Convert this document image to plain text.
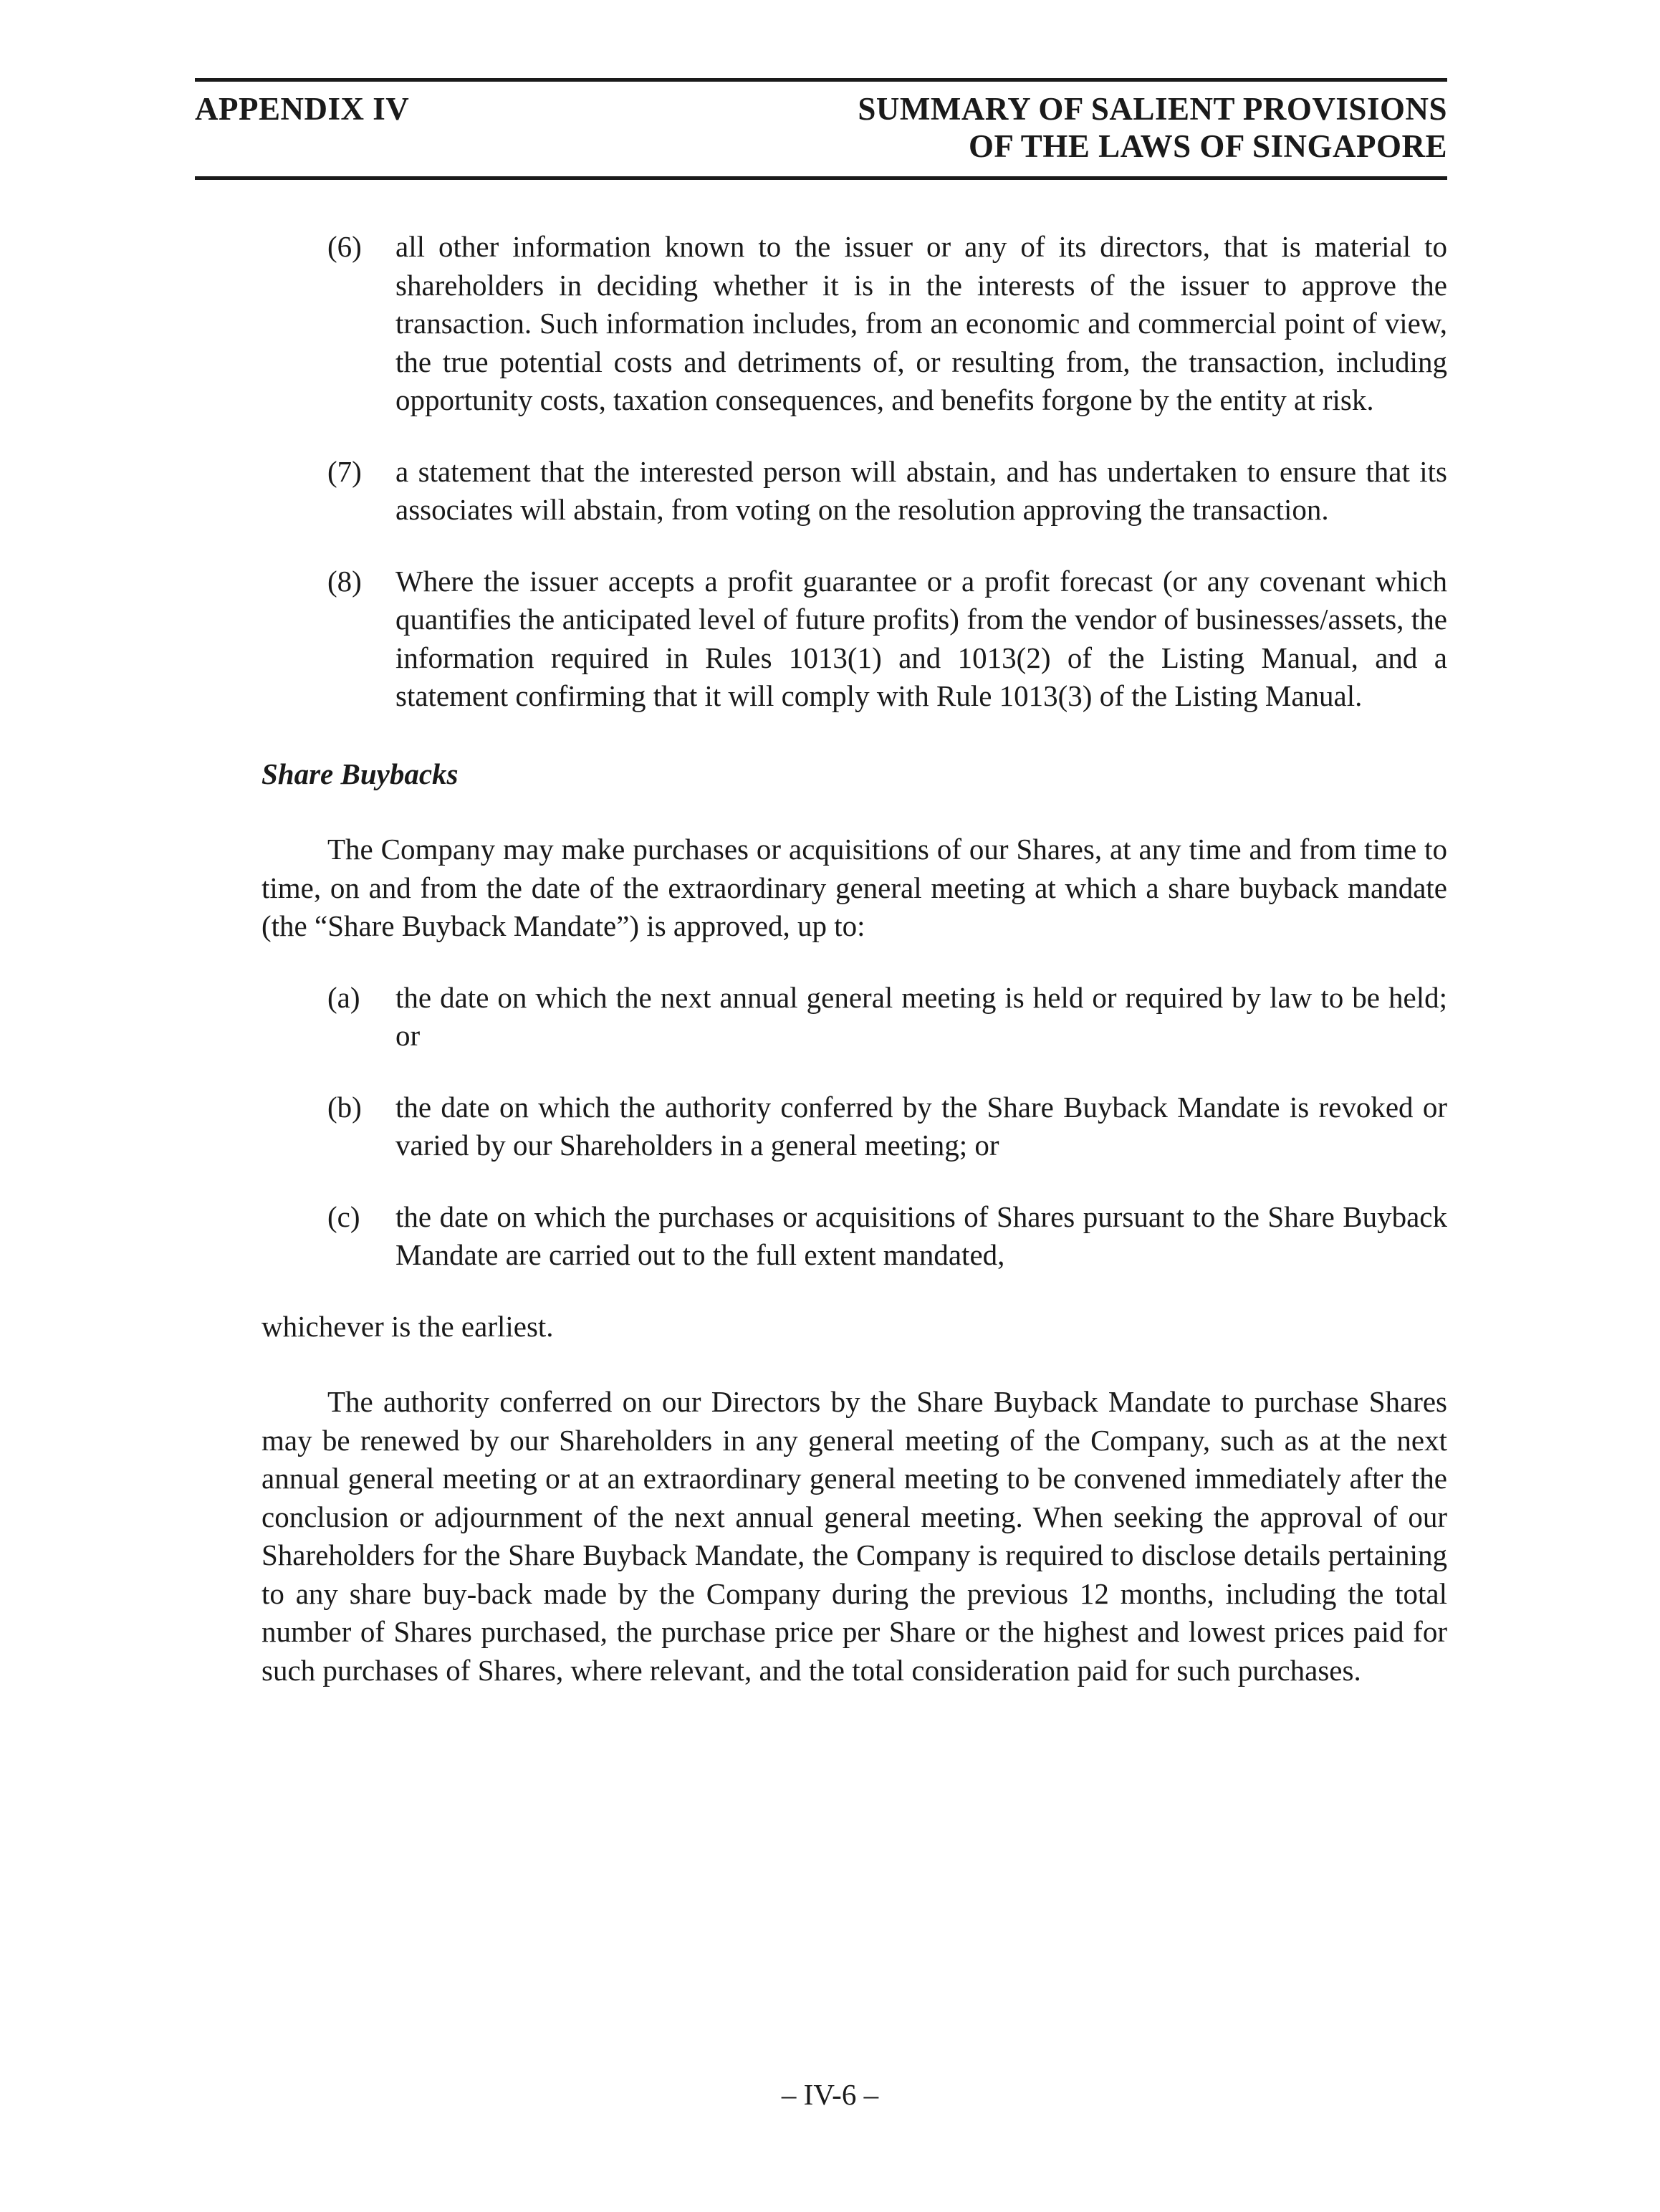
APPENDIX IV	SUMMARY OF SALIENT PROVISIONS
OF THE LAWS OF SINGAPORE
(6) all other information known to the issuer or any of its directors, that is material to shareholders in deciding whether it is in the interests of the issuer to approve the transaction. Such information includes, from an economic and commercial point of view, the true potential costs and detriments of, or resulting from, the transaction, including opportunity costs, taxation consequences, and benefits forgone by the entity at risk.
(7) a statement that the interested person will abstain, and has undertaken to ensure that its associates will abstain, from voting on the resolution approving the transaction.
(8) Where the issuer accepts a profit guarantee or a profit forecast (or any covenant which quantifies the anticipated level of future profits) from the vendor of businesses/assets, the information required in Rules 1013(1) and 1013(2) of the Listing Manual, and a statement confirming that it will comply with Rule 1013(3) of the Listing Manual.
Share Buybacks
The Company may make purchases or acquisitions of our Shares, at any time and from time to time, on and from the date of the extraordinary general meeting at which a share buyback mandate (the “Share Buyback Mandate”) is approved, up to:
(a) the date on which the next annual general meeting is held or required by law to be held; or
(b) the date on which the authority conferred by the Share Buyback Mandate is revoked or varied by our Shareholders in a general meeting; or
(c) the date on which the purchases or acquisitions of Shares pursuant to the Share Buyback Mandate are carried out to the full extent mandated,
whichever is the earliest.
The authority conferred on our Directors by the Share Buyback Mandate to purchase Shares may be renewed by our Shareholders in any general meeting of the Company, such as at the next annual general meeting or at an extraordinary general meeting to be convened immediately after the conclusion or adjournment of the next annual general meeting. When seeking the approval of our Shareholders for the Share Buyback Mandate, the Company is required to disclose details pertaining to any share buy-back made by the Company during the previous 12 months, including the total number of Shares purchased, the purchase price per Share or the highest and lowest prices paid for such purchases of Shares, where relevant, and the total consideration paid for such purchases.
– IV-6 –
